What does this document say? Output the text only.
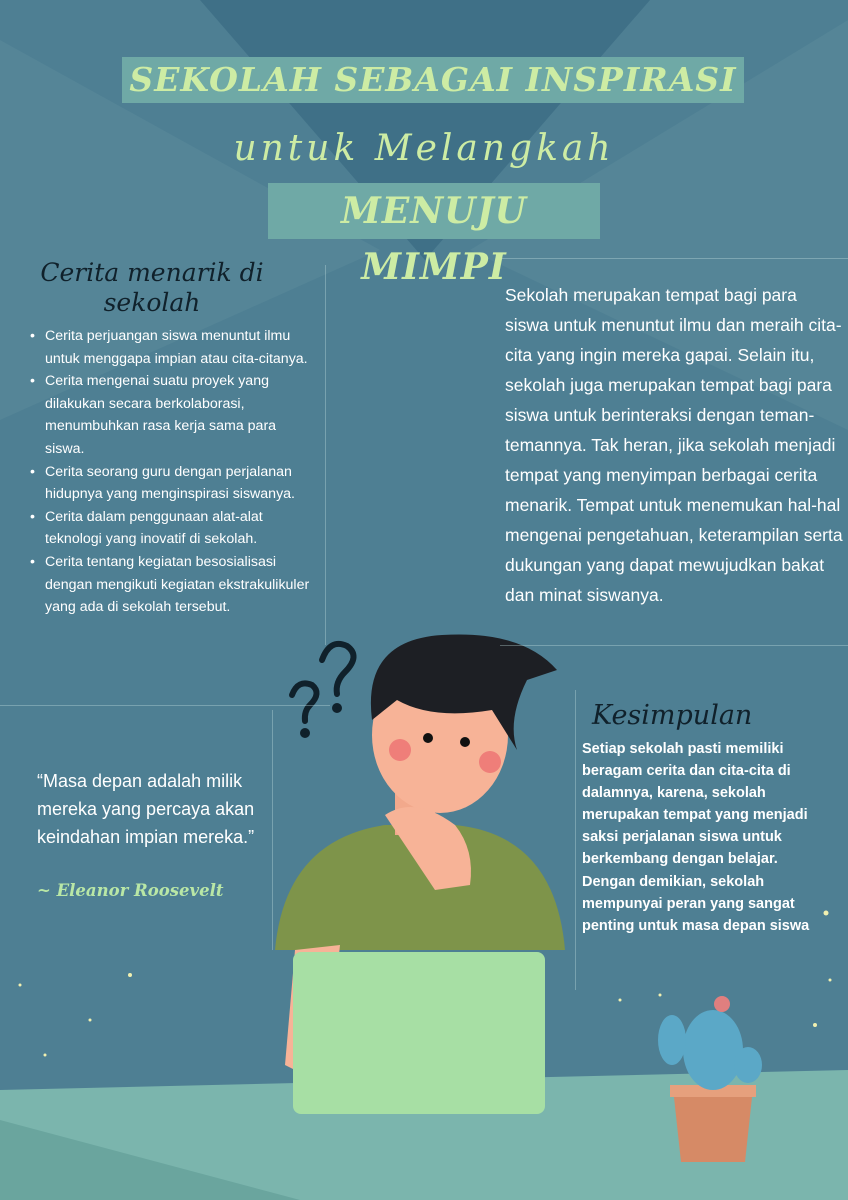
SEKOLAH SEBAGAI INSPIRASI
untuk Melangkah
MENUJU MIMPI
Cerita menarik di sekolah
• Cerita perjuangan siswa menuntut ilmu untuk menggapa impian atau cita-citanya.
• Cerita mengenai suatu proyek yang dilakukan secara berkolaborasi, menumbuhkan rasa kerja sama para siswa.
• Cerita seorang guru dengan perjalanan hidupnya yang menginspirasi siswanya.
• Cerita dalam penggunaan alat-alat teknologi yang inovatif di sekolah.
• Cerita tentang kegiatan besosialisasi dengan mengikuti kegiatan ekstrakulikuler yang ada di sekolah tersebut.
Sekolah merupakan tempat bagi para siswa untuk menuntut ilmu dan meraih cita-cita yang ingin mereka gapai. Selain itu, sekolah juga merupakan tempat bagi para siswa untuk berinteraksi dengan teman-temannya. Tak heran, jika sekolah menjadi tempat yang menyimpan berbagai cerita menarik. Tempat untuk menemukan hal-hal mengenai pengetahuan, keterampilan serta dukungan yang dapat mewujudkan bakat dan minat siswanya.
“Masa depan adalah milik mereka yang percaya akan keindahan impian mereka.”
~ Eleanor Roosevelt
Kesimpulan
Setiap sekolah pasti memiliki beragam cerita dan cita-cita di dalamnya, karena, sekolah merupakan tempat yang menjadi saksi perjalanan siswa untuk berkembang dengan belajar. Dengan demikian, sekolah mempunyai peran yang sangat penting untuk masa depan siswa
